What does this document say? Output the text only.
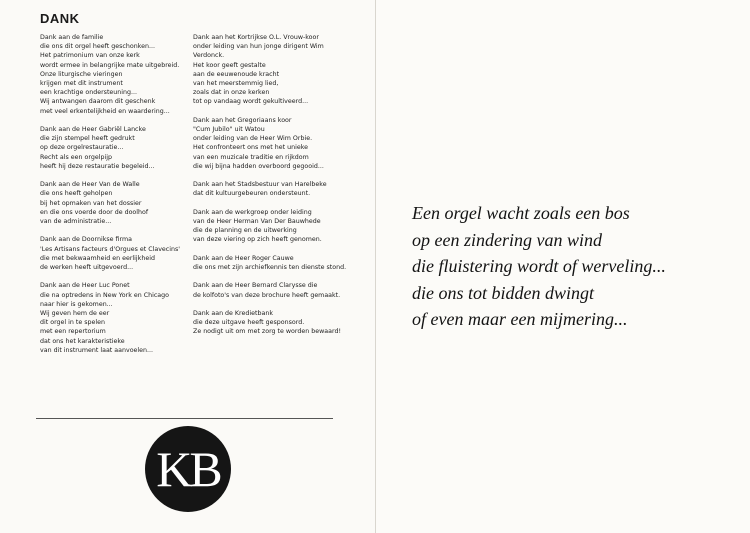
DANK

Dank aan de familie
die ons dit orgel heeft geschonken...
Het patrimonium van onze kerk
wordt ermee in belangrijke mate uitgebreid.
Onze liturgische vieringen
krijgen met dit instrument
een krachtige ondersteuning...
Wij antwangen daarom dit geschenk
met veel erkentelijkheid en waardering...

Dank aan de Heer Gabriël Lancke
die zijn stempel heeft gedrukt
op deze orgelrestauratie...
Recht als een orgelpijp
heeft hij deze restauratie begeleid...

Dank aan de Heer Van de Walle
die ons heeft geholpen
bij het opmaken van het dossier
en die ons voerde door de doolhof
van de administratie...

Dank aan de Doornikse firma
'Les Artisans facteurs d'Orgues et Clavecins'
die met bekwaamheid en eerlijkheid
de werken heeft uitgevoerd...

Dank aan de Heer Luc Ponet
die na optredens in New York en Chicago
naar hier is gekomen...
Wij geven hem de eer
dit orgel in te spelen
met een repertorium
dat ons het karakteristieke
van dit instrument laat aanvoelen...

Dank aan het Kortrijkse O.L. Vrouw-koor
onder leiding van hun jonge dirigent Wim
Verdonck.
Het koor geeft gestalte
aan de eeuwenoude kracht
van het meerstemmig lied,
zoals dat in onze kerken
tot op vandaag wordt gekultiveerd...

Dank aan het Gregoriaans koor
"Cum Jubilo" uit Watou
onder leiding van de Heer Wim Orbie.
Het confronteert ons met het unieke
van een muzicale traditie en rijkdom
die wij bijna hadden overboord gegooid...

Dank aan het Stadsbestuur van Harelbeke
dat dit kultuurgebeuren ondersteunt.

Dank aan de werkgroep onder leiding
van de Heer Herman Van Der Bauwhede
die de planning en de uitwerking
van deze viering op zich heeft genomen.

Dank aan de Heer Roger Cauwe
die ons met zijn archiefkennis ten dienste stond.

Dank aan de Heer Bernard Clarysse die
de kolfoto's van deze brochure heeft gemaakt.

Dank aan de Kredietbank
die deze uitgave heeft gesponsord.
Ze nodigt uit om met zorg te worden bewaard!

KB
Een orgel wacht zoals een bos
op een zindering van wind
die fluistering wordt of werveling...
die ons tot bidden dwingt
of even maar een mijmering...
